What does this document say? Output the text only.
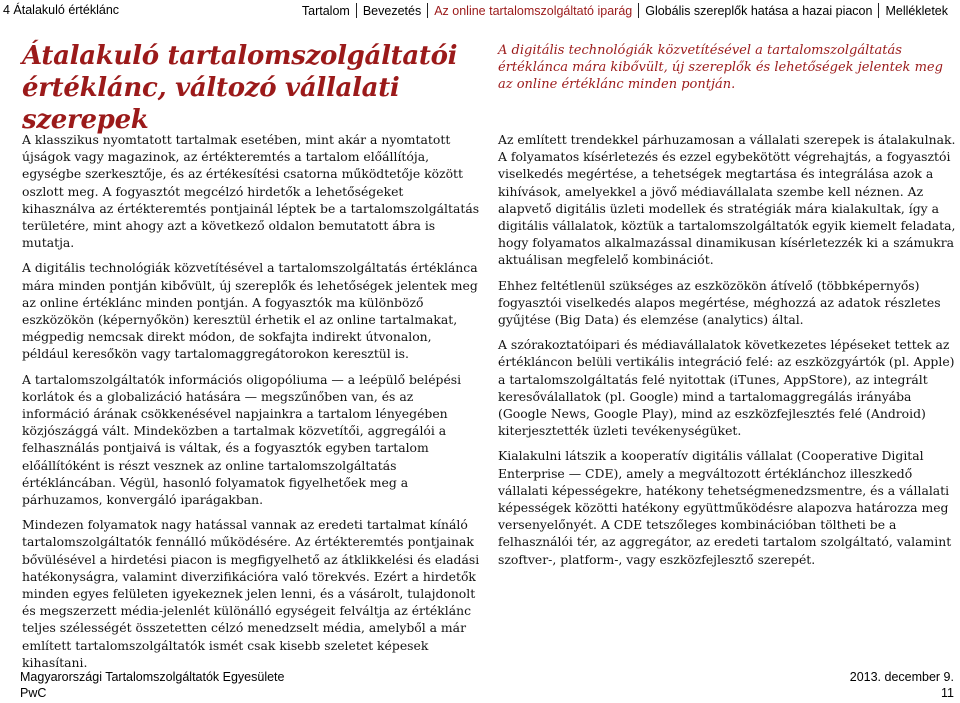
4 Átalakuló értéklánc	Tartalom	Bevezetés	Az online tartalomszolgáltató iparág	Globális szereplők hatása a hazai piacon	Mellékletek
Átalakuló tartalomszolgáltatói
értéklánc, változó vállalati szerepek
A digitális technológiák közvetítésével a tartalomszolgáltatás értékláncа mára kibővült, új szereplők és lehetőségek jelentek meg az online értéklánc minden pontján.

A klasszikus nyomtatott tartalmak esetében, mint akár a nyomtatott újságok vagy magazinok, az értékteremtés a tartalom előállítója, egységbe szerkesztője, és az értékesítési csatorna működtetője között oszlott meg. A fogyasztót megcélzó hirdetők a lehetőségeket kihasználva az értékteremtés pontjainál léptek be a tartalomszolgáltatás területére, mint ahogy azt a következő oldalon bemutatott ábra is mutatja.

A digitális technológiák közvetítésével a tartalomszolgáltatás értéklánca mára minden pontján kibővült, új szereplők és lehetőségek jelentek meg az online értéklánc minden pontján. A fogyasztók ma különböző eszközökön (képernyőkön) keresztül érhetik el az online tartalmakat, mégpedig nemcsak direkt módon, de sokfajta indirekt útvonalon, például keresőkön vagy tartalomaggregátorokon keresztül is.

A tartalomszolgáltatók információs oligopóliuma — a leépülő belépési korlátok és a globalizáció hatására — megszűnőben van, és az információ árának csökkenésével napjainkra a tartalom lényegében közjószággá vált. Mindeközben a tartalmak közvetítői, aggregálói a felhasználás pontjaivá is váltak, és a fogyasztók egyben tartalom előállítóként is részt vesznek az online tartalomszolgáltatás értékláncában. Végül, hasonló folyamatok figyelhetőek meg a párhuzamos, konvergáló iparágakban.

Mindezen folyamatok nagy hatással vannak az eredeti tartalmat kínáló tartalomszolgáltatók fennálló működésére. Az értékteremtés pontjainak bővülésével a hirdetési piacon is megfigyelhető az átklikkelési és eladási hatékonyságra, valamint diverzifikációra való törekvés. Ezért a hirdetők minden egyes felületen igyekeznek jelen lenni, és a vásárolt, tulajdonolt és megszerzett média-jelenlét különálló egységeit felváltja az értéklánc teljes szélességét összetetten célzó menedzselt média, amelyből a már említett tartalomszolgáltatók ismét csak kisebb szeletet képesek kihasítani.

Az említett trendekkel párhuzamosan a vállalati szerepek is átalakulnak. A folyamatos kísérletezés és ezzel egybekötött végrehajtás, a fogyasztói viselkedés megértése, a tehetségek megtartása és integrálása azok a kihívások, amelyekkel a jövő médiavállalata szembe kell néznen. Az alapvető digitális üzleti modellek és stratégiák mára kialakultak, így a digitális vállalatok, köztük a tartalomszolgáltatók egyik kiemelt feladata, hogy folyamatos alkalmazással dinamikusan kísérletezzék ki a számukra aktuálisan megfelelő kombinációt.

Ehhez feltétlenül szükséges az eszközökön átívelő (többképernyős) fogyasztói viselkedés alapos megértése, méghozzá az adatok részletes gyűjtése (Big Data) és elemzése (analytics) által.

A szórakoztatóipari és médiavállalatok következetes lépéseket tettek az értékláncon belüli vertikális integráció felé: az eszközgyártók (pl. Apple) a tartalomszolgáltatás felé nyitottak (iTunes, AppStore), az integrált keresőválallatok (pl. Google) mind a tartalomaggregálás irányába (Google News, Google Play), mind az eszközfejlesztés felé (Android) kiterjesztették üzleti tevékenységüket.

Kialakulni látszik a kooperatív digitális vállalat (Cooperative Digital Enterprise — CDE), amely a megváltozott értéklánchoz illeszkedő vállalati képességekre, hatékony tehetségmenedzsmentre, és a vállalati képességek közötti hatékony együttműködésre alapozva határozza meg versenyelőnyét. A CDE tetszőleges kombinációban töltheti be a felhasználói tér, az aggregátor, az eredeti tartalom szolgáltató, valamint szoftver-, platform-, vagy eszközfejlesztő szerepét.

Magyarországi Tartalomszolgáltatók Egyesülete	2013. december 9.
PwC	11
